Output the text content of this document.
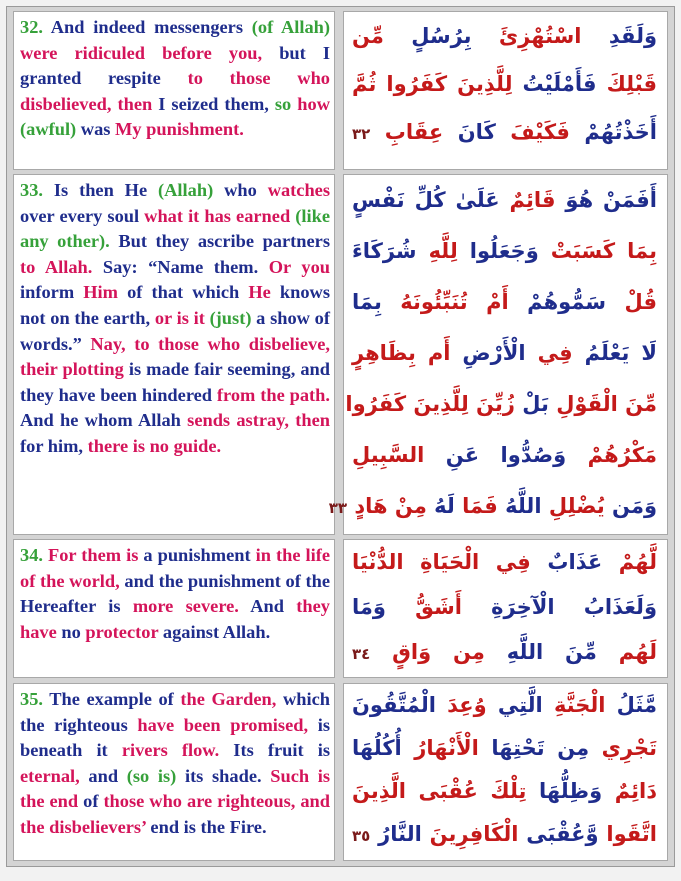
32. And indeed messengers (of Allah) were ridiculed before you, but I granted respite to those who disbelieved, then I seized them, so how (awful) was My punishment.

وَلَقَدِ اسْتُهْزِئَ بِرُسُلٍ مِّن
قَبْلِكَ فَأَمْلَيْتُ لِلَّذِينَ كَفَرُوا ثُمَّ
أَخَذْتُهُمْ فَكَيْفَ كَانَ عِقَابِ ٣٢

33. Is then He (Allah) who watches over every soul what it has earned (like any other). But they ascribe partners to Allah. Say: “Name them. Or you inform Him of that which He knows not on the earth, or is it (just) a show of words.” Nay, to those who disbelieve, their plotting is made fair seeming, and they have been hindered from the path. And he whom Allah sends astray, then for him, there is no guide.

أَفَمَنْ هُوَ قَائِمٌ عَلَىٰ كُلِّ نَفْسٍ
بِمَا كَسَبَتْ وَجَعَلُوا لِلَّهِ شُرَكَاءَ
قُلْ سَمُّوهُمْ أَمْ تُنَبِّئُونَهُ بِمَا
لَا يَعْلَمُ فِي الْأَرْضِ أَم بِظَاهِرٍ
مِّنَ الْقَوْلِ بَلْ زُيِّنَ لِلَّذِينَ كَفَرُوا
مَكْرُهُمْ وَصُدُّوا عَنِ السَّبِيلِ
وَمَن يُضْلِلِ اللَّهُ فَمَا لَهُ مِنْ هَادٍ ٣٣

34. For them is a punishment in the life of the world, and the punishment of the Hereafter is more severe. And they have no protector against Allah.

لَّهُمْ عَذَابٌ فِي الْحَيَاةِ الدُّنْيَا
وَلَعَذَابُ الْآخِرَةِ أَشَقُّ وَمَا
لَهُم مِّنَ اللَّهِ مِن وَاقٍ ٣٤

35. The example of the Garden, which the righteous have been promised, is beneath it rivers flow. Its fruit is eternal, and (so is) its shade. Such is the end of those who are righteous, and the disbelievers’ end is the Fire.

مَّثَلُ الْجَنَّةِ الَّتِي وُعِدَ الْمُتَّقُونَ
تَجْرِي مِن تَحْتِهَا الْأَنْهَارُ أُكُلُهَا
دَائِمٌ وَظِلُّهَا تِلْكَ عُقْبَى الَّذِينَ
اتَّقَوا وَّعُقْبَى الْكَافِرِينَ النَّارُ ٣٥
